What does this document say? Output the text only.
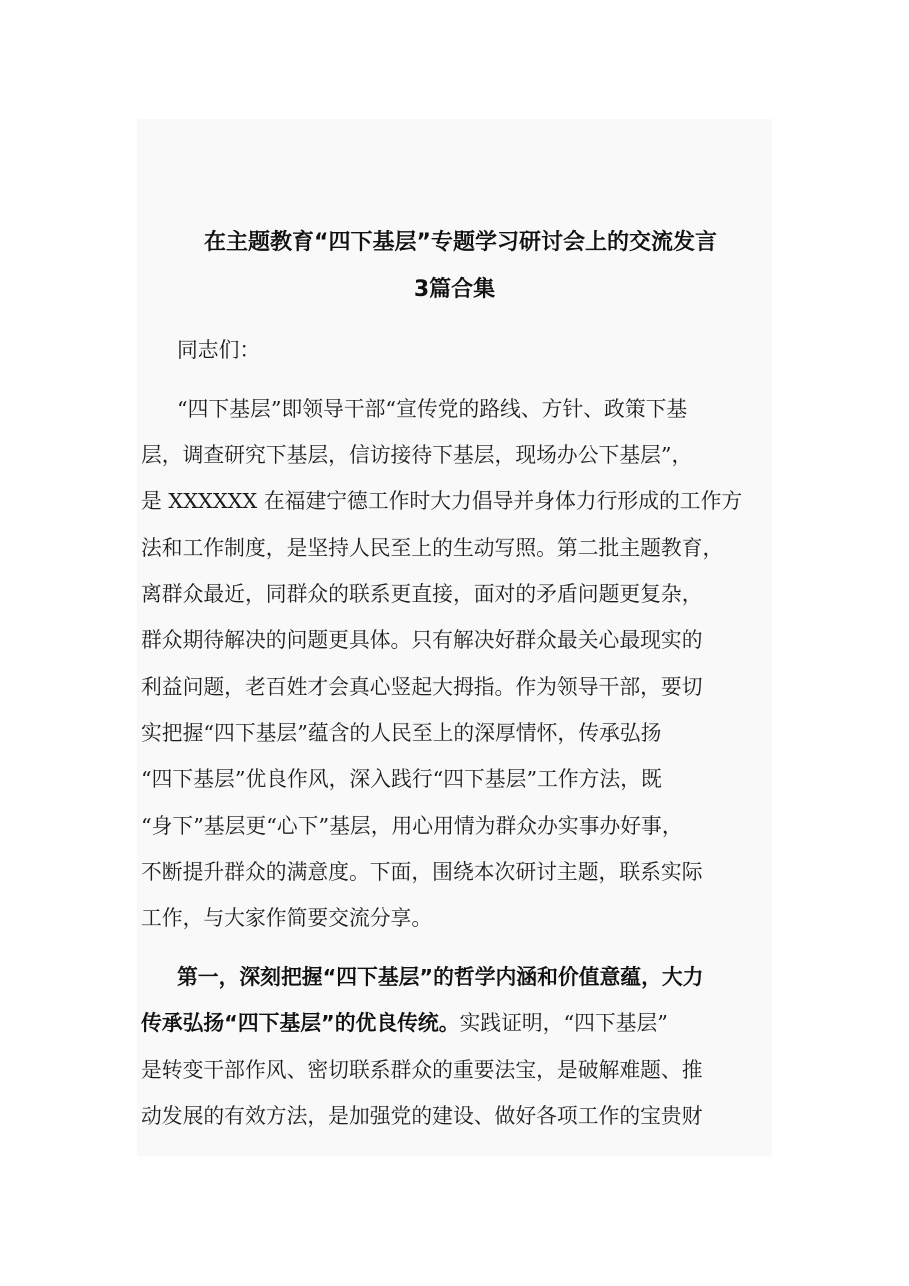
在主题教育“四下基层”专题学习研讨会上的交流发言
3篇合集
同志们：
“四下基层”即领导干部“宣传党的路线、方针、政策下基
层，调查研究下基层，信访接待下基层，现场办公下基层”，
是 XXXXXX 在福建宁德工作时大力倡导并身体力行形成的工作方
法和工作制度，是坚持人民至上的生动写照。第二批主题教育，
离群众最近，同群众的联系更直接，面对的矛盾问题更复杂，
群众期待解决的问题更具体。只有解决好群众最关心最现实的
利益问题，老百姓才会真心竖起大拇指。作为领导干部，要切
实把握“四下基层”蕴含的人民至上的深厚情怀，传承弘扬
“四下基层”优良作风，深入践行“四下基层”工作方法，既
“身下”基层更“心下”基层，用心用情为群众办实事办好事，
不断提升群众的满意度。下面，围绕本次研讨主题，联系实际
工作，与大家作简要交流分享。
第一，深刻把握“四下基层”的哲学内涵和价值意蕴，大力
传承弘扬“四下基层”的优良传统。实践证明，“四下基层”
是转变干部作风、密切联系群众的重要法宝，是破解难题、推
动发展的有效方法，是加强党的建设、做好各项工作的宝贵财
